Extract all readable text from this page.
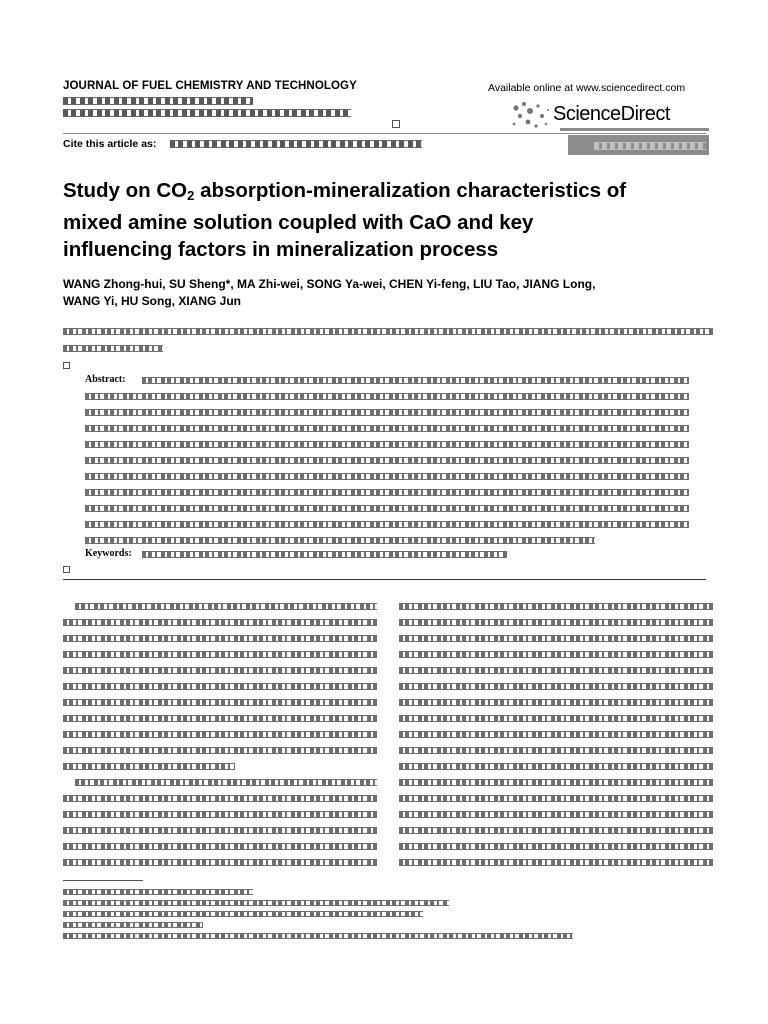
JOURNAL OF FUEL CHEMISTRY AND TECHNOLOGY	Available online at www.sciencedirect.com
ScienceDirect
Cite this article as:
Study on $CO_2$ absorption-mineralization characteristics of
mixed amine solution coupled with CaO and key
influencing factors in mineralization process
WANG Zhong-hui, SU Sheng*, MA Zhi-wei, SONG Ya-wei, CHEN Yi-feng, LIU Tao, JIANG Long,
WANG Yi, HU Song, XIANG Jun
Abstract:
Keywords:
